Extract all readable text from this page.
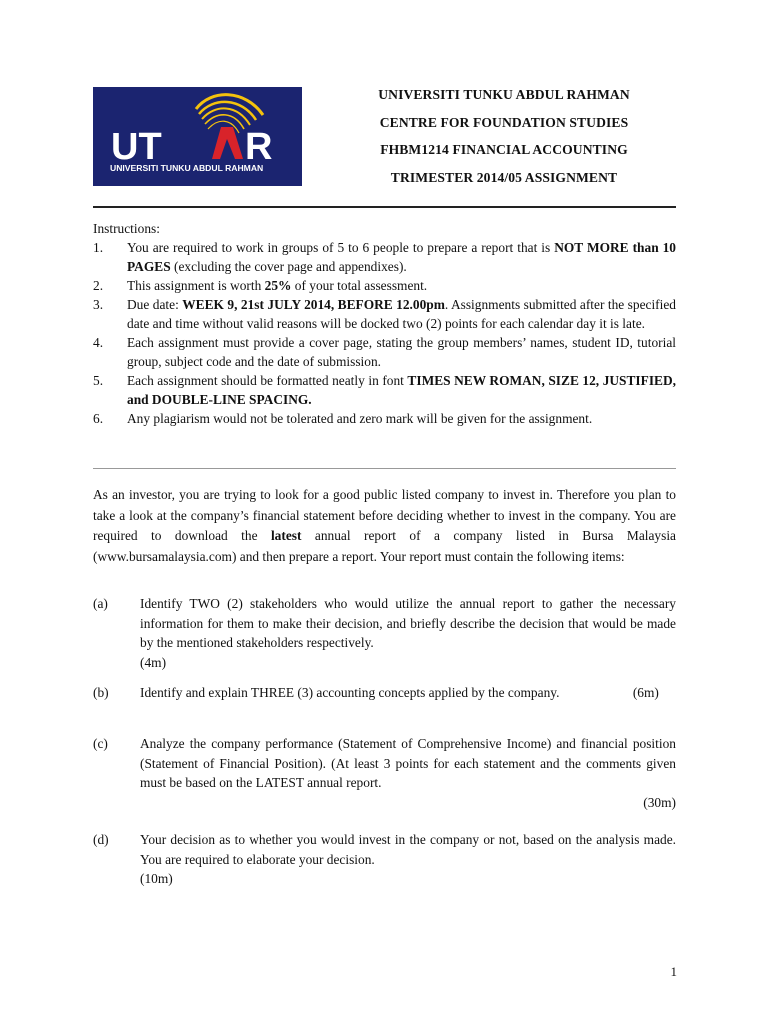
UT R
UNIVERSITI TUNKU ABDUL RAHMAN
UNIVERSITI TUNKU ABDUL RAHMAN
CENTRE FOR FOUNDATION STUDIES
FHBM1214 FINANCIAL ACCOUNTING
TRIMESTER 2014/05 ASSIGNMENT
Instructions:
1.	You are required to work in groups of 5 to 6 people to prepare a report that is NOT MORE than 10 PAGES (excluding the cover page and appendixes).
2.	This assignment is worth 25% of your total assessment.
3.	Due date: WEEK 9, 21st JULY 2014, BEFORE 12.00pm. Assignments submitted after the specified date and time without valid reasons will be docked two (2) points for each calendar day it is late.
4.	Each assignment must provide a cover page, stating the group members’ names, student ID, tutorial group, subject code and the date of submission.
5.	Each assignment should be formatted neatly in font TIMES NEW ROMAN, SIZE 12, JUSTIFIED, and DOUBLE-LINE SPACING.
6.	Any plagiarism would not be tolerated and zero mark will be given for the assignment.
As an investor, you are trying to look for a good public listed company to invest in. Therefore you plan to take a look at the company’s financial statement before deciding whether to invest in the company. You are required to download the latest annual report of a company listed in Bursa Malaysia (www.bursamalaysia.com) and then prepare a report. Your report must contain the following items:
(a)	Identify TWO (2) stakeholders who would utilize the annual report to gather the necessary information for them to make their decision, and briefly describe the decision that would be made by the mentioned stakeholders respectively.
(4m)
(b)	Identify and explain THREE (3) accounting concepts applied by the company.	(6m)
(c)	Analyze the company performance (Statement of Comprehensive Income) and financial position (Statement of Financial Position). (At least 3 points for each statement and the comments given must be based on the LATEST annual report.
(30m)
(d)	Your decision as to whether you would invest in the company or not, based on the analysis made. You are required to elaborate your decision.
(10m)
1
